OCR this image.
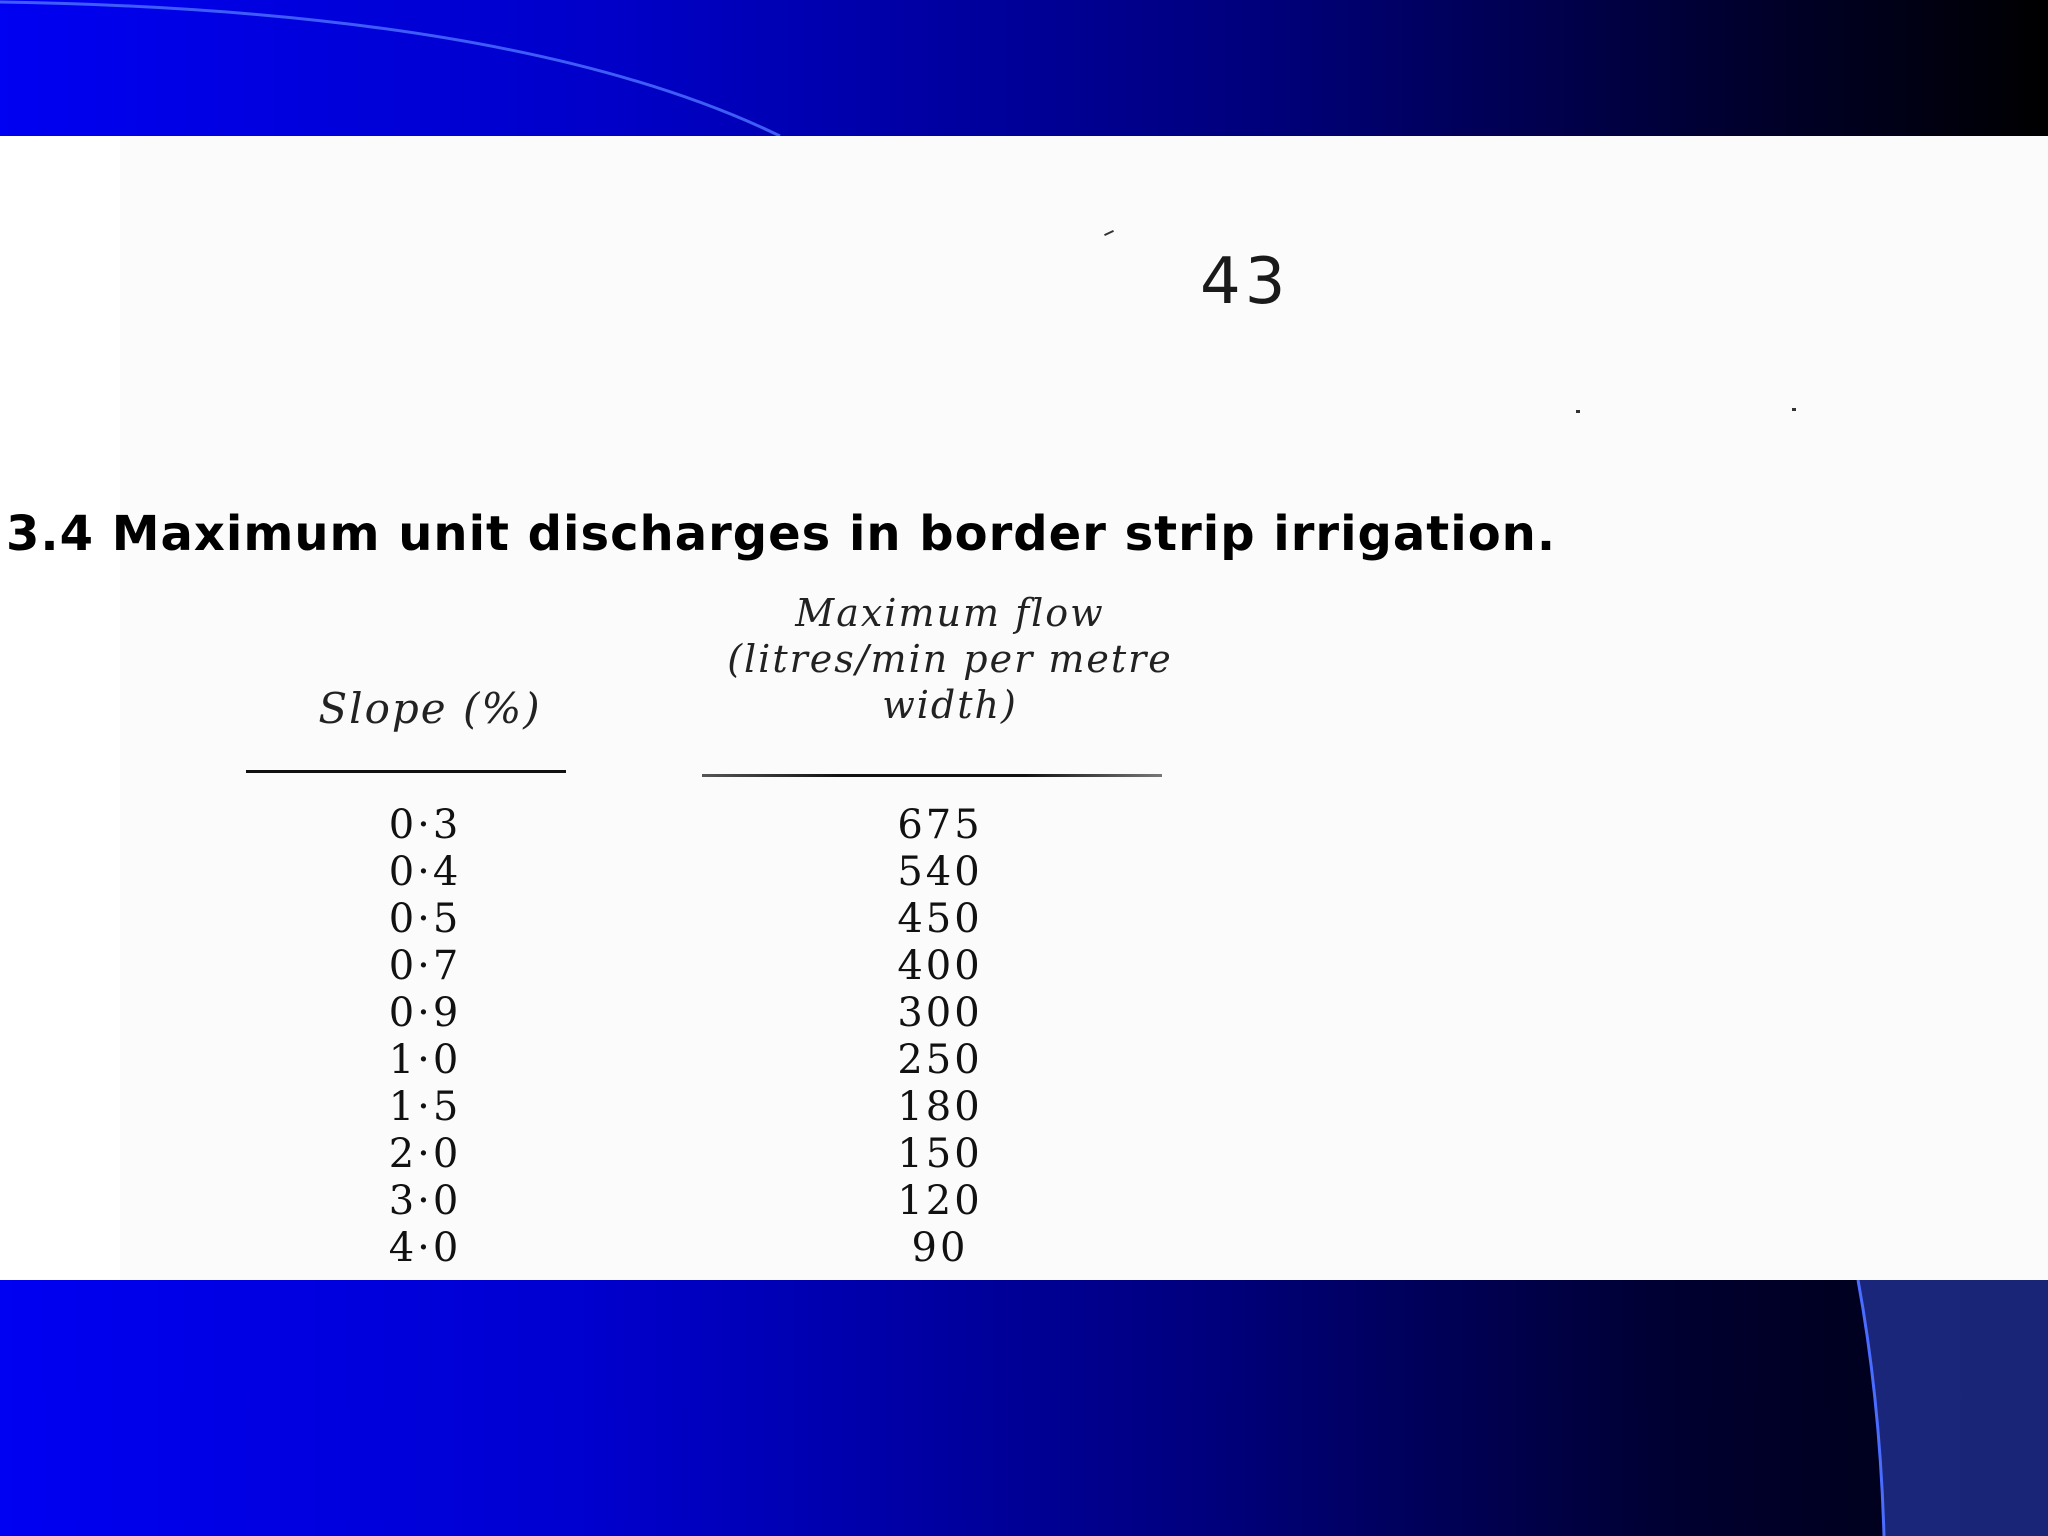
43
3.4 Maximum unit discharges in border strip irrigation.
Slope (%)
Maximum flow
(litres/min per metre
width)
0·3
0·4
0·5
0·7
0·9
1·0
1·5
2·0
3·0
4·0
675
540
450
400
300
250
180
150
120
90
